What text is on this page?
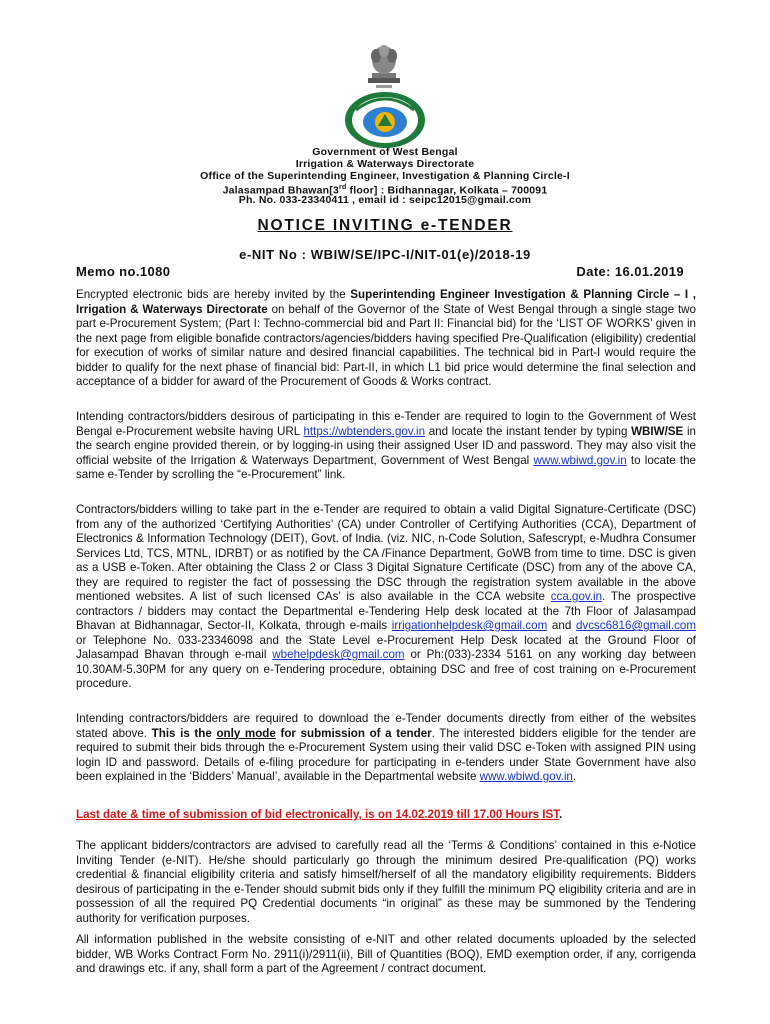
Government of West Bengal
Irrigation & Waterways Directorate
Office of the Superintending Engineer, Investigation & Planning Circle-I
Jalasampad Bhawan[3rd floor] : Bidhannagar, Kolkata – 700091
Ph. No. 033-23340411 , email id : seipc12015@gmail.com
NOTICE INVITING e-TENDER
e-NIT No : WBIW/SE/IPC-I/NIT-01(e)/2018-19
Memo no.1080	Date: 16.01.2019
Encrypted electronic bids are hereby invited by the Superintending Engineer Investigation & Planning Circle – I , Irrigation & Waterways Directorate on behalf of the Governor of the State of West Bengal through a single stage two part e-Procurement System; (Part I: Techno-commercial bid and Part II: Financial bid) for the ‘LIST OF WORKS’ given in the next page from eligible bonafide contractors/agencies/bidders having specified Pre-Qualification (eligibility) credential for execution of works of similar nature and desired financial capabilities. The technical bid in Part-I would require the bidder to qualify for the next phase of financial bid: Part-II, in which L1 bid price would determine the final selection and acceptance of a bidder for award of the Procurement of Goods & Works contract.
Intending contractors/bidders desirous of participating in this e-Tender are required to login to the Government of West Bengal e-Procurement website having URL https://wbtenders.gov.in and locate the instant tender by typing WBIW/SE in the search engine provided therein, or by logging-in using their assigned User ID and password. They may also visit the official website of the Irrigation & Waterways Department, Government of West Bengal www.wbiwd.gov.in to locate the same e-Tender by scrolling the “e-Procurement” link.
Contractors/bidders willing to take part in the e-Tender are required to obtain a valid Digital Signature-Certificate (DSC) from any of the authorized ‘Certifying Authorities’ (CA) under Controller of Certifying Authorities (CCA), Department of Electronics & Information Technology (DEIT), Govt. of India. (viz. NIC, n-Code Solution, Safescrypt, e-Mudhra Consumer Services Ltd, TCS, MTNL, IDRBT) or as notified by the CA /Finance Department, GoWB from time to time. DSC is given as a USB e-Token. After obtaining the Class 2 or Class 3 Digital Signature Certificate (DSC) from any of the above CA, they are required to register the fact of possessing the DSC through the registration system available in the above mentioned websites. A list of such licensed CAs’ is also available in the CCA website cca.gov.in. The prospective contractors / bidders may contact the Departmental e-Tendering Help desk located at the 7th Floor of Jalasampad Bhavan at Bidhannagar, Sector-II, Kolkata, through e-mails irrigationhelpdesk@gmail.com and dvcsc6816@gmail.com or Telephone No. 033-23346098 and the State Level e-Procurement Help Desk located at the Ground Floor of Jalasampad Bhavan through e-mail wbehelpdesk@gmail.com or Ph:(033)-2334 5161 on any working day between 10.30AM-5.30PM for any query on e-Tendering procedure, obtaining DSC and free of cost training on e-Procurement procedure.
Intending contractors/bidders are required to download the e-Tender documents directly from either of the websites stated above. This is the only mode for submission of a tender. The interested bidders eligible for the tender are required to submit their bids through the e-Procurement System using their valid DSC e-Token with assigned PIN using login ID and password. Details of e-filing procedure for participating in e-tenders under State Government have also been explained in the ‘Bidders’ Manual’, available in the Departmental website www.wbiwd.gov.in.
Last date & time of submission of bid electronically, is on 14.02.2019 till 17.00 Hours IST.
The applicant bidders/contractors are advised to carefully read all the ‘Terms & Conditions’ contained in this e-Notice Inviting Tender (e-NIT). He/she should particularly go through the minimum desired Pre-qualification (PQ) works credential & financial eligibility criteria and satisfy himself/herself of all the mandatory eligibility requirements. Bidders desirous of participating in the e-Tender should submit bids only if they fulfill the minimum PQ eligibility criteria and are in possession of all the required PQ Credential documents “in original” as these may be summoned by the Tendering authority for verification purposes.
All information published in the website consisting of e-NIT and other related documents uploaded by the selected bidder, WB Works Contract Form No. 2911(i)/2911(ii), Bill of Quantities (BOQ), EMD exemption order, if any, corrigenda and drawings etc. if any, shall form a part of the Agreement / contract document.
